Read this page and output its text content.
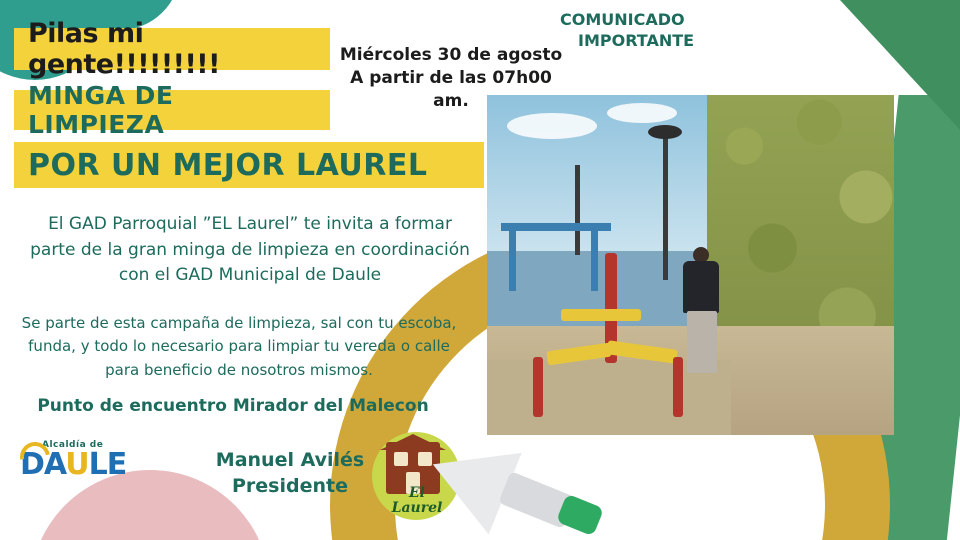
Pilas mi gente!!!!!!!!!
MINGA DE LIMPIEZA
POR UN MEJOR LAUREL
Miércoles 30 de agosto
A partir de las 07h00 am.
COMUNICADO
IMPORTANTE
El GAD Parroquial ”EL Laurel” te invita a formar parte de la gran minga de limpieza en coordinación con el GAD Municipal de Daule
Se parte de esta campaña de limpieza, sal con tu escoba, funda, y todo lo necesario para limpiar tu vereda o calle para beneficio de nosotros mismos.
Punto de encuentro Mirador del Malecon
Manuel Avilés
Presidente
Alcaldía de
DAULE
El
Laurel
